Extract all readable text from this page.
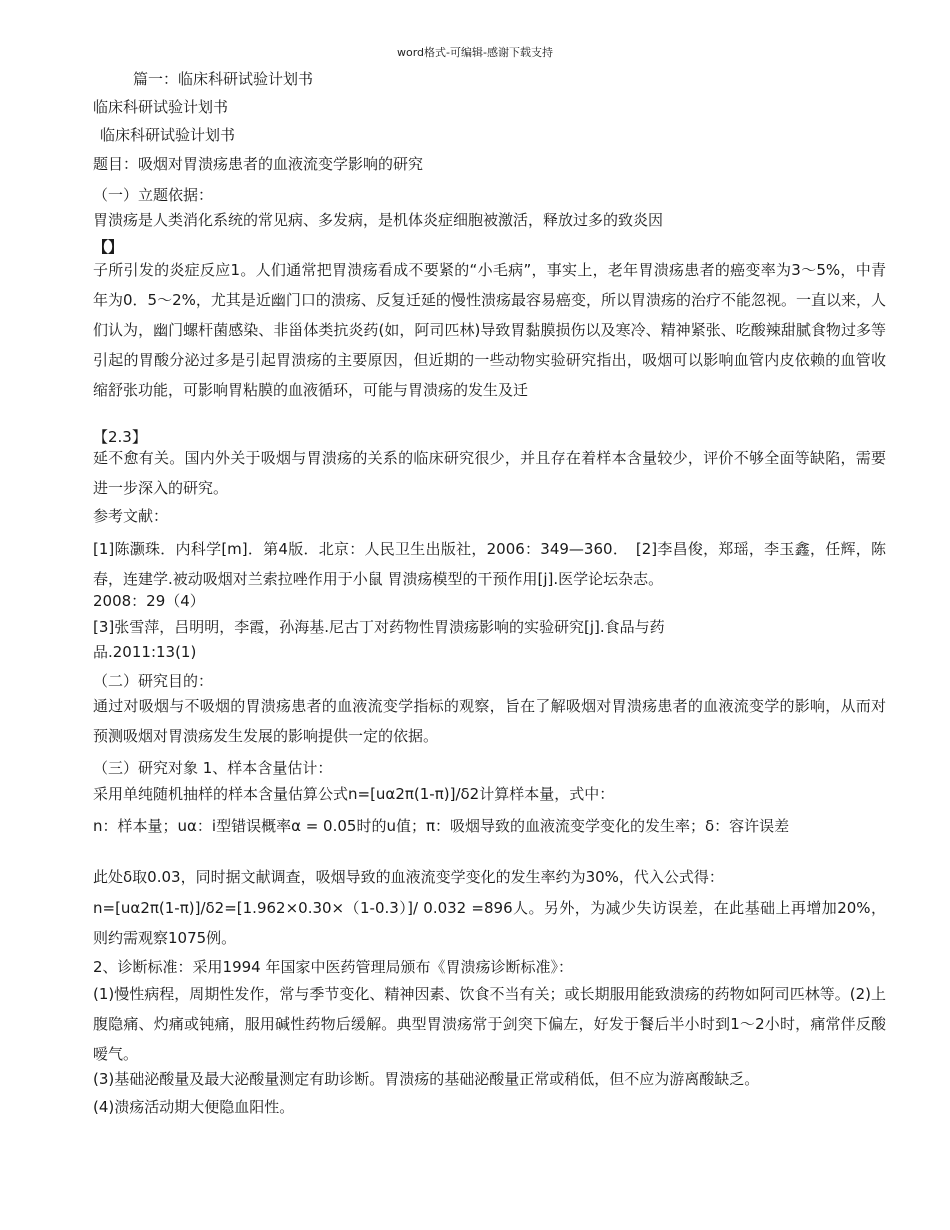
word格式-可编辑-感谢下载支持
篇一：临床科研试验计划书
临床科研试验计划书
临床科研试验计划书
题目：吸烟对胃溃疡患者的血液流变学影响的研究
（一）立题依据：
胃溃疡是人类消化系统的常见病、多发病，是机体炎症细胞被激活，释放过多的致炎因
【】
子所引发的炎症反应1。人们通常把胃溃疡看成不要紧的“小毛病”，事实上，老年胃溃疡患者的癌变率为3～5%，中青年为0．5～2%，尤其是近幽门口的溃疡、反复迁延的慢性溃疡最容易癌变，所以胃溃疡的治疗不能忽视。一直以来，人们认为，幽门螺杆菌感染、非甾体类抗炎药(如，阿司匹林)导致胃黏膜损伤以及寒冷、精神紧张、吃酸辣甜腻食物过多等引起的胃酸分泌过多是引起胃溃疡的主要原因，但近期的一些动物实验研究指出，吸烟可以影响血管内皮依赖的血管收缩舒张功能，可影响胃粘膜的血液循环，可能与胃溃疡的发生及迁
【2.3】
延不愈有关。国内外关于吸烟与胃溃疡的关系的临床研究很少，并且存在着样本含量较少，评价不够全面等缺陷，需要进一步深入的研究。
参考文献：
[1]陈灏珠．内科学[m]．第4版．北京：人民卫生出版社，2006：349—360．　[2]李昌俊，郑瑶，李玉鑫，任辉，陈春，连建学.被动吸烟对兰索拉唑作用于小鼠 胃溃疡模型的干预作用[j].医学论坛杂志。
2008：29（4）
[3]张雪萍，吕明明，李霞，孙海基.尼古丁对药物性胃溃疡影响的实验研究[j].食品与药
品.2011:13(1)
（二）研究目的：
通过对吸烟与不吸烟的胃溃疡患者的血液流变学指标的观察，旨在了解吸烟对胃溃疡患者的血液流变学的影响，从而对预测吸烟对胃溃疡发生发展的影响提供一定的依据。
（三）研究对象 1、样本含量估计：
采用单纯随机抽样的样本含量估算公式n=[uα2π(1-π)]/δ2计算样本量，式中：
n：样本量；uα：ⅰ型错误概率α = 0.05时的u值；π：吸烟导致的血液流变学变化的发生率；δ：容许误差
此处δ取0.03，同时据文献调查，吸烟导致的血液流变学变化的发生率约为30%，代入公式得：
n=[uα2π(1-π)]/δ2=[1.962×0.30×（1-0.3）]/ 0.032 =896人。另外，为减少失访误差，在此基础上再增加20%，则约需观察1075例。
2、诊断标准：采用1994 年国家中医药管理局颁布《胃溃疡诊断标准》：
(1)慢性病程，周期性发作，常与季节变化、精神因素、饮食不当有关；或长期服用能致溃疡的药物如阿司匹林等。(2)上腹隐痛、灼痛或钝痛，服用碱性药物后缓解。典型胃溃疡常于剑突下偏左，好发于餐后半小时到1～2小时，痛常伴反酸嗳气。
(3)基础泌酸量及最大泌酸量测定有助诊断。胃溃疡的基础泌酸量正常或稍低，但不应为游离酸缺乏。
(4)溃疡活动期大便隐血阳性。
